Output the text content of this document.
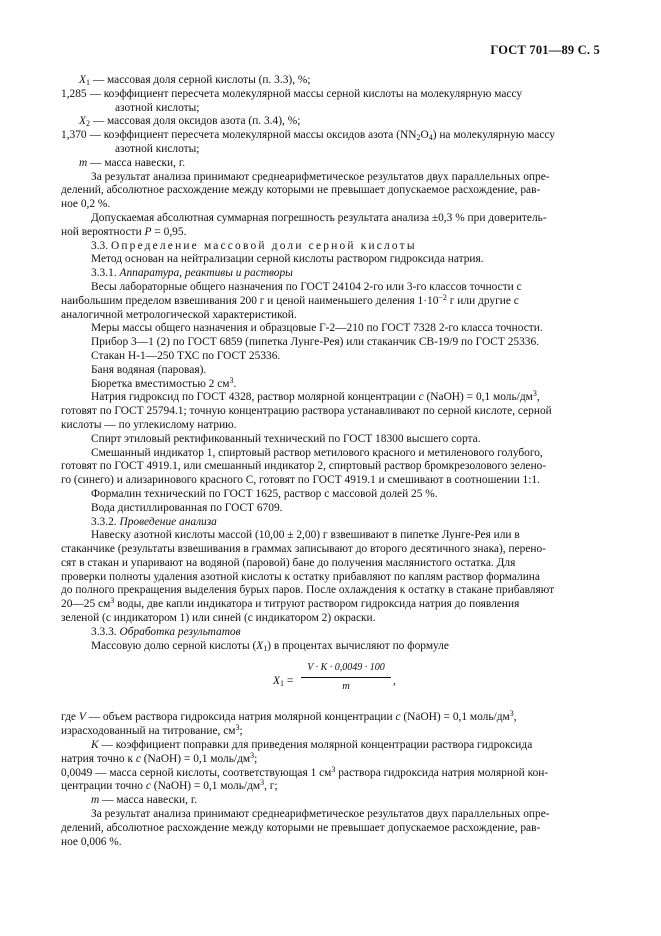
ГОСТ 701—89 С. 5
$X_1$ — массовая доля серной кислоты (п. 3.3), %;
1,285 — коэффициент пересчета молекулярной массы серной кислоты на молекулярную массу
азотной кислоты;
$X_2$ — массовая доля оксидов азота (п. 3.4), %;
1,370 — коэффициент пересчета молекулярной массы оксидов азота $(NN_2O_4)$ на молекулярную массу
азотной кислоты;
m — масса навески, г.
За результат анализа принимают среднеарифметическое результатов двух параллельных опре-
делений, абсолютное расхождение между которыми не превышает допускаемое расхождение, рав-
ное 0,2 %.
Допускаемая абсолютная суммарная погрешность результата анализа ±0,3 % при доверитель-
ной вероятности P = 0,95.
3.3. Определение массовой доли серной кислоты
Метод основан на нейтрализации серной кислоты раствором гидроксида натрия.
3.3.1. Аппаратура, реактивы и растворы
Весы лабораторные общего назначения по ГОСТ 24104 2-го или 3-го классов точности с
наибольшим пределом взвешивания 200 г и ценой наименьшего деления $1\cdot 10^{-2}$ г или другие с
аналогичной метрологической характеристикой.
Меры массы общего назначения и образцовые Г-2—210 по ГОСТ 7328 2-го класса точности.
Прибор 3—1 (2) по ГОСТ 6859 (пипетка Лунге-Рея) или стаканчик СВ-19/9 по ГОСТ 25336.
Стакан Н-1—250 ТХС по ГОСТ 25336.
Баня водяная (паровая).
Бюретка вместимостью 2 $см^3$.
Натрия гидроксид по ГОСТ 4328, раствор молярной концентрации c (NaOH) = 0,1 моль/$дм^3$,
готовят по ГОСТ 25794.1; точную концентрацию раствора устанавливают по серной кислоте, серной
кислоты — по углекислому натрию.
Спирт этиловый ректификованный технический по ГОСТ 18300 высшего сорта.
Смешанный индикатор 1, спиртовый раствор метилового красного и метиленового голубого,
готовят по ГОСТ 4919.1, или смешанный индикатор 2, спиртовый раствор бромкрезолового зелено-
го (синего) и ализаринового красного С, готовят по ГОСТ 4919.1 и смешивают в соотношении 1:1.
Формалин технический по ГОСТ 1625, раствор с массовой долей 25 %.
Вода дистиллированная по ГОСТ 6709.
3.3.2. Проведение анализа
Навеску азотной кислоты массой (10,00 ± 2,00) г взвешивают в пипетке Лунге-Рея или в
стаканчике (результаты взвешивания в граммах записывают до второго десятичного знака), перено-
сят в стакан и упаривают на водяной (паровой) бане до получения маслянистого остатка. Для
проверки полноты удаления азотной кислоты к остатку прибавляют по каплям раствор формалина
до полного прекращения выделения бурых паров. После охлаждения к остатку в стакане прибавляют
20—25 $см^3$ воды, две капли индикатора и титруют раствором гидроксида натрия до появления
зеленой (с индикатором 1) или синей (с индикатором 2) окраски.
3.3.3. Обработка результатов
Массовую долю серной кислоты $(X_1)$ в процентах вычисляют по формуле
$X_1 = \frac{V \cdot K \cdot 0,0049 \cdot 100}{m}$ ,
где V — объем раствора гидроксида натрия молярной концентрации c (NaOH) = 0,1 моль/$дм^3$,
израсходованный на титрование, $см^3$;
K — коэффициент поправки для приведения молярной концентрации раствора гидроксида
натрия точно к c (NaOH) = 0,1 моль/$дм^3$;
0,0049 — масса серной кислоты, соответствующая 1 $см^3$ раствора гидроксида натрия молярной кон-
центрации точно c (NaOH) = 0,1 моль/$дм^3$, г;
m — масса навески, г.
За результат анализа принимают среднеарифметическое результатов двух параллельных опре-
делений, абсолютное расхождение между которыми не превышает допускаемое расхождение, рав-
ное 0,006 %.
